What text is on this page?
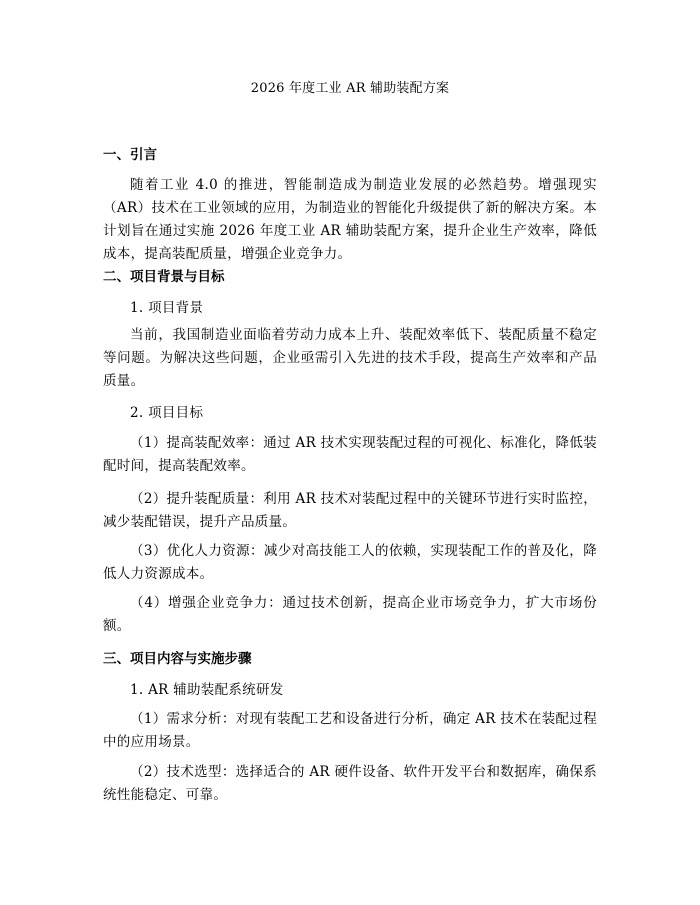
2026 年度工业 AR 辅助装配方案
一、引言

随着工业 4.0 的推进，智能制造成为制造业发展的必然趋势。增强现实（AR）技术在工业领域的应用，为制造业的智能化升级提供了新的解决方案。本计划旨在通过实施 2026 年度工业 AR 辅助装配方案，提升企业生产效率，降低成本，提高装配质量，增强企业竞争力。

二、项目背景与目标
1. 项目背景

当前，我国制造业面临着劳动力成本上升、装配效率低下、装配质量不稳定等问题。为解决这些问题，企业亟需引入先进的技术手段，提高生产效率和产品质量。

2. 项目目标

（1）提高装配效率：通过 AR 技术实现装配过程的可视化、标准化，降低装配时间，提高装配效率。

（2）提升装配质量：利用 AR 技术对装配过程中的关键环节进行实时监控，减少装配错误，提升产品质量。

（3）优化人力资源：减少对高技能工人的依赖，实现装配工作的普及化，降低人力资源成本。

（4）增强企业竞争力：通过技术创新，提高企业市场竞争力，扩大市场份额。

三、项目内容与实施步骤
1. AR 辅助装配系统研发

（1）需求分析：对现有装配工艺和设备进行分析，确定 AR 技术在装配过程中的应用场景。

（2）技术选型：选择适合的 AR 硬件设备、软件开发平台和数据库，确保系统性能稳定、可靠。
